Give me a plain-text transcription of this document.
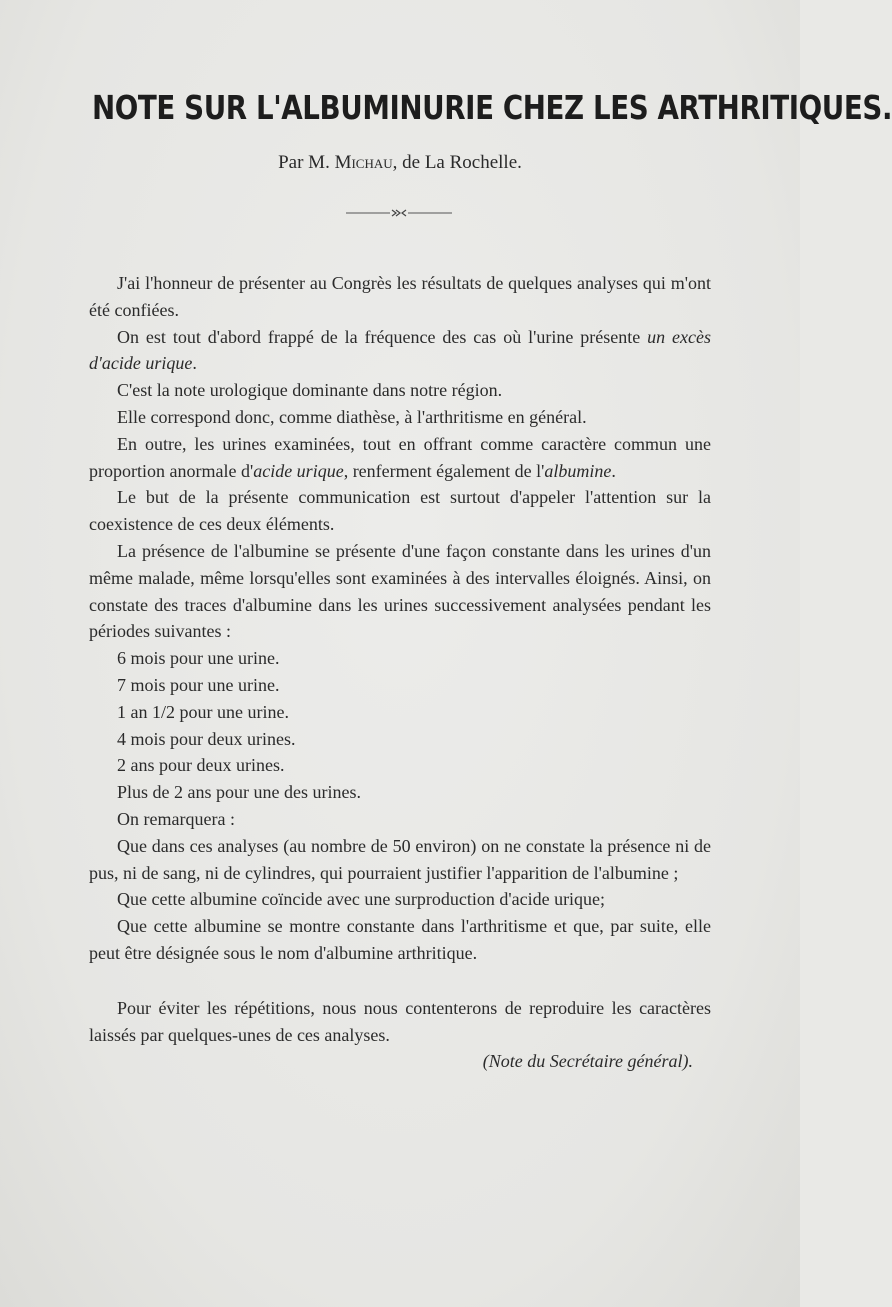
NOTE SUR L'ALBUMINURIE CHEZ LES ARTHRITIQUES.
Par M. Michau, de La Rochelle.

J'ai l'honneur de présenter au Congrès les résultats de quelques analyses qui m'ont été confiées.

On est tout d'abord frappé de la fréquence des cas où l'urine présente un excès d'acide urique.

C'est la note urologique dominante dans notre région.

Elle correspond donc, comme diathèse, à l'arthritisme en général.

En outre, les urines examinées, tout en offrant comme caractère commun une proportion anormale d'acide urique, renferment également de l'albumine.

Le but de la présente communication est surtout d'appeler l'attention sur la coexistence de ces deux éléments.

La présence de l'albumine se présente d'une façon constante dans les urines d'un même malade, même lorsqu'elles sont examinées à des intervalles éloignés. Ainsi, on constate des traces d'albumine dans les urines successivement analysées pendant les périodes suivantes :

6 mois pour une urine.

7 mois pour une urine.

1 an 1/2 pour une urine.

4 mois pour deux urines.

2 ans pour deux urines.

Plus de 2 ans pour une des urines.

On remarquera :

Que dans ces analyses (au nombre de 50 environ) on ne constate la présence ni de pus, ni de sang, ni de cylindres, qui pourraient justifier l'apparition de l'albumine ;

Que cette albumine coïncide avec une surproduction d'acide urique;

Que cette albumine se montre constante dans l'arthritisme et que, par suite, elle peut être désignée sous le nom d'albumine arthritique.

Pour éviter les répétitions, nous nous contenterons de reproduire les caractères laissés par quelques-unes de ces analyses.

(Note du Secrétaire général).
